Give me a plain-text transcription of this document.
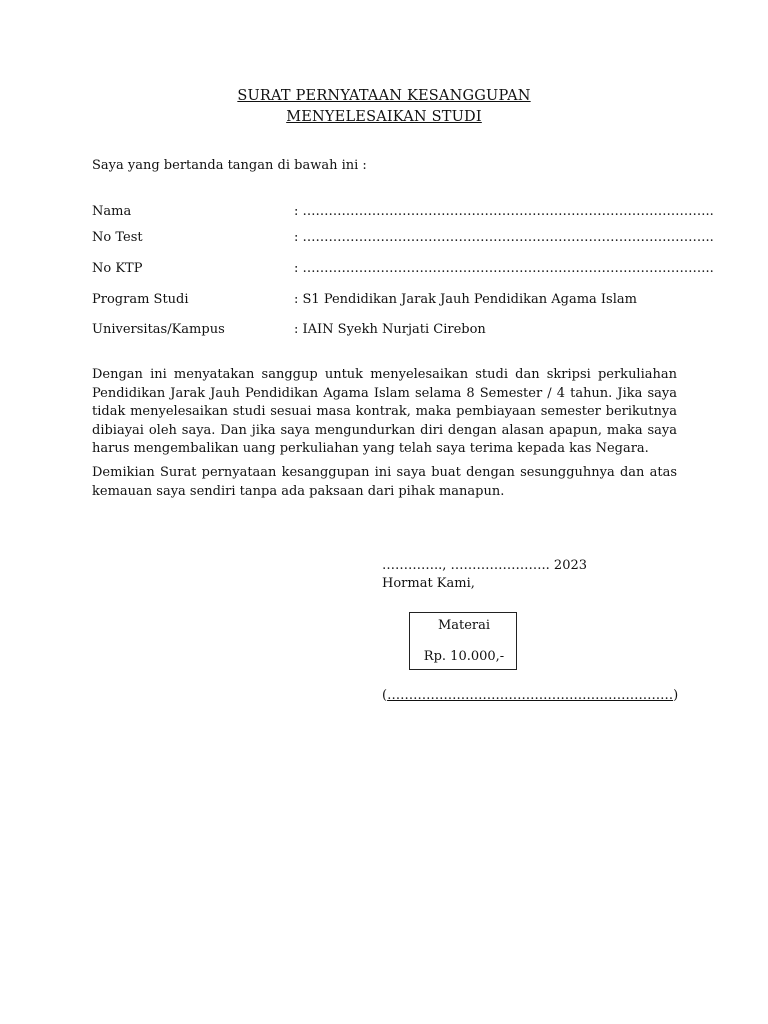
SURAT PERNYATAAN KESANGGUPAN
MENYELESAIKAN STUDI
Saya yang bertanda tangan di bawah ini :
Nama	: …………………………………………………………………………………..
No Test	: …………………………………………………………………………………..
No KTP	: …………………………………………………………………………………..
Program Studi	: S1 Pendidikan Jarak Jauh Pendidikan Agama Islam
Universitas/Kampus	: IAIN Syekh Nurjati Cirebon
Dengan ini menyatakan sanggup untuk menyelesaikan studi dan skripsi perkuliahan Pendidikan Jarak Jauh Pendidikan Agama Islam selama 8 Semester / 4 tahun. Jika saya tidak menyelesaikan studi sesuai masa kontrak, maka pembiayaan semester berikutnya dibiayai oleh saya. Dan jika saya mengundurkan diri dengan alasan apapun, maka saya harus mengembalikan uang perkuliahan yang telah saya terima kepada kas Negara.
Demikian Surat pernyataan kesanggupan ini saya buat dengan sesungguhnya dan atas kemauan saya sendiri tanpa ada paksaan dari pihak manapun.
………….., ………………….. 2023
Hormat Kami,
Materai
Rp. 10.000,-
(…………………………………………………………)
